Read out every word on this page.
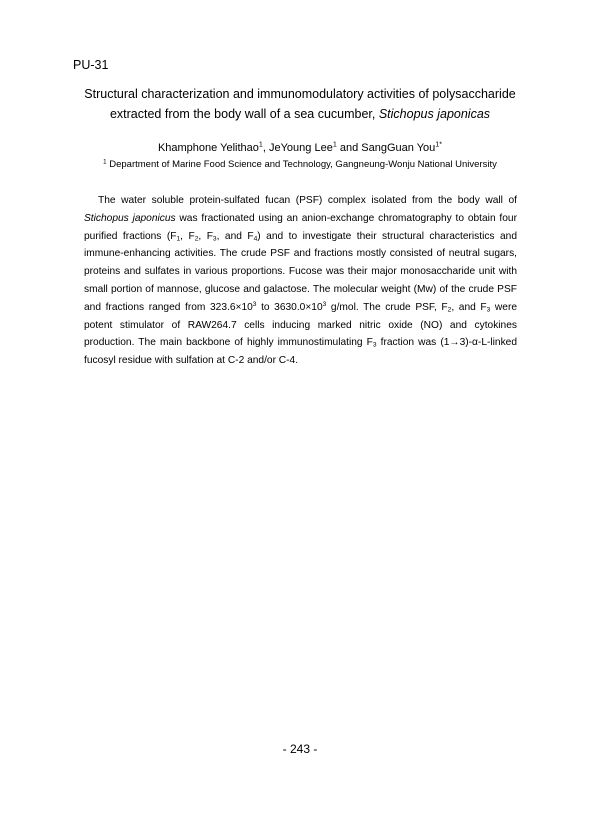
PU-31
Structural characterization and immunomodulatory activities of polysaccharide
extracted from the body wall of a sea cucumber, Stichopus japonicas
Khamphone Yelithao$^1$, JeYoung Lee$^1$ and SangGuan You$^{1*}$
$^1$ Department of Marine Food Science and Technology, Gangneung-Wonju National University
The water soluble protein-sulfated fucan (PSF) complex isolated from the body wall of Stichopus japonicus was fractionated using an anion-exchange chromatography to obtain four purified fractions ($F_1$, $F_2$, $F_3$, and $F_4$) and to investigate their structural characteristics and immune-enhancing activities. The crude PSF and fractions mostly consisted of neutral sugars, proteins and sulfates in various proportions. Fucose was their major monosaccharide unit with small portion of mannose, glucose and galactose. The molecular weight (Mw) of the crude PSF and fractions ranged from $323.6\times 10^3$ to $3630.0\times 10^3$ g/mol. The crude PSF, $F_2$, and $F_3$ were potent stimulator of RAW264.7 cells inducing marked nitric oxide (NO) and cytokines production. The main backbone of highly immunostimulating $F_3$ fraction was (1→3)-α-L-linked fucosyl residue with sulfation at C-2 and/or C-4.
- 243 -
